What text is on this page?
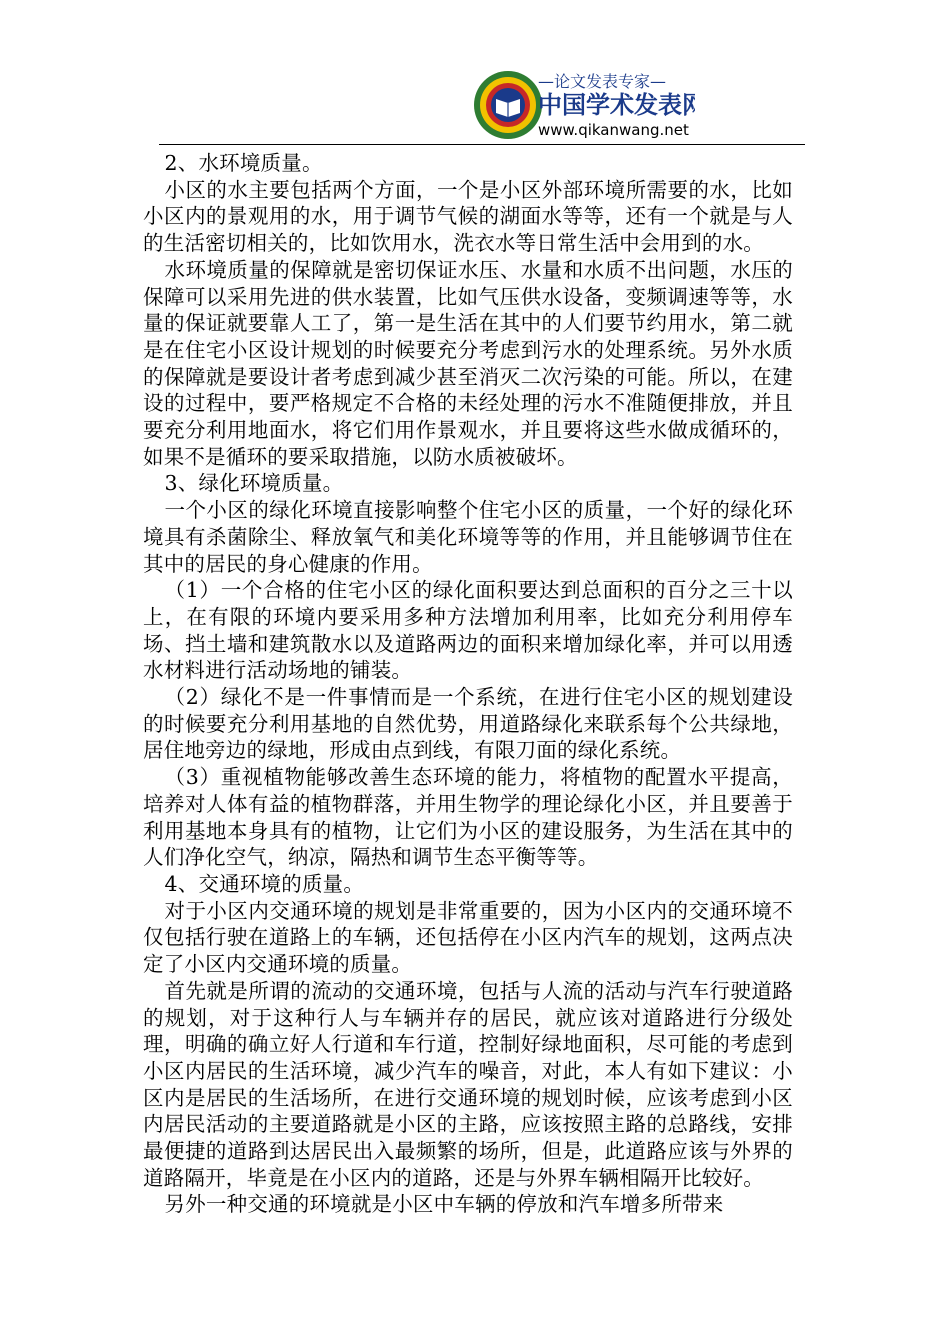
—论文发表专家—
中国学术发表网
www.qikanwang.net

2、水环境质量。

小区的水主要包括两个方面，一个是小区外部环境所需要的水，比如小区内的景观用的水，用于调节气候的湖面水等等，还有一个就是与人的生活密切相关的，比如饮用水，洗衣水等日常生活中会用到的水。

水环境质量的保障就是密切保证水压、水量和水质不出问题，水压的保障可以采用先进的供水装置，比如气压供水设备，变频调速等等，水量的保证就要靠人工了，第一是生活在其中的人们要节约用水，第二就是在住宅小区设计规划的时候要充分考虑到污水的处理系统。另外水质的保障就是要设计者考虑到减少甚至消灭二次污染的可能。所以，在建设的过程中，要严格规定不合格的未经处理的污水不准随便排放，并且要充分利用地面水，将它们用作景观水，并且要将这些水做成循环的，如果不是循环的要采取措施，以防水质被破坏。

3、绿化环境质量。

一个小区的绿化环境直接影响整个住宅小区的质量，一个好的绿化环境具有杀菌除尘、释放氧气和美化环境等等的作用，并且能够调节住在其中的居民的身心健康的作用。

（1）一个合格的住宅小区的绿化面积要达到总面积的百分之三十以上，在有限的环境内要采用多种方法增加利用率，比如充分利用停车场、挡土墙和建筑散水以及道路两边的面积来增加绿化率，并可以用透水材料进行活动场地的铺装。

（2）绿化不是一件事情而是一个系统，在进行住宅小区的规划建设的时候要充分利用基地的自然优势，用道路绿化来联系每个公共绿地，居住地旁边的绿地，形成由点到线，有限刀面的绿化系统。

（3）重视植物能够改善生态环境的能力，将植物的配置水平提高，培养对人体有益的植物群落，并用生物学的理论绿化小区，并且要善于利用基地本身具有的植物，让它们为小区的建设服务，为生活在其中的人们净化空气，纳凉，隔热和调节生态平衡等等。

4、交通环境的质量。

对于小区内交通环境的规划是非常重要的，因为小区内的交通环境不仅包括行驶在道路上的车辆，还包括停在小区内汽车的规划，这两点决定了小区内交通环境的质量。

首先就是所谓的流动的交通环境，包括与人流的活动与汽车行驶道路的规划，对于这种行人与车辆并存的居民，就应该对道路进行分级处理，明确的确立好人行道和车行道，控制好绿地面积，尽可能的考虑到小区内居民的生活环境，减少汽车的噪音，对此，本人有如下建议：小区内是居民的生活场所，在进行交通环境的规划时候，应该考虑到小区内居民活动的主要道路就是小区的主路，应该按照主路的总路线，安排最便捷的道路到达居民出入最频繁的场所，但是，此道路应该与外界的道路隔开，毕竟是在小区内的道路，还是与外界车辆相隔开比较好。

另外一种交通的环境就是小区中车辆的停放和汽车增多所带来
